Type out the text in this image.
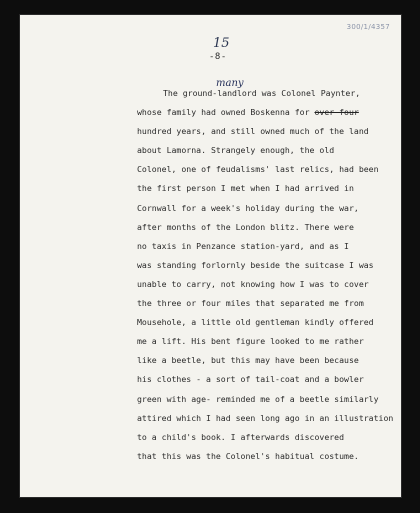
300/1/4357
15
-8-
many
The ground-landlord was Colonel Paynter,
whose family had owned Boskenna for over four
hundred years, and still owned much of the land
about Lamorna. Strangely enough, the old
Colonel, one of feudalisms' last relics, had been
the first person I met when I had arrived in
Cornwall for a week's holiday during the war,
after months of the London blitz. There were
no taxis in Penzance station-yard, and as I
was standing forlornly beside the suitcase I was
unable to carry, not knowing how I was to cover
the three or four miles that separated me from
Mousehole, a little old gentleman kindly offered
me a lift. His bent figure looked to me rather
like a beetle, but this may have been because
his clothes - a sort of tail-coat and a bowler
green with age- reminded me of a beetle similarly
attired which I had seen long ago in an illustration
to a child's book. I afterwards discovered
that this was the Colonel's habitual costume.
